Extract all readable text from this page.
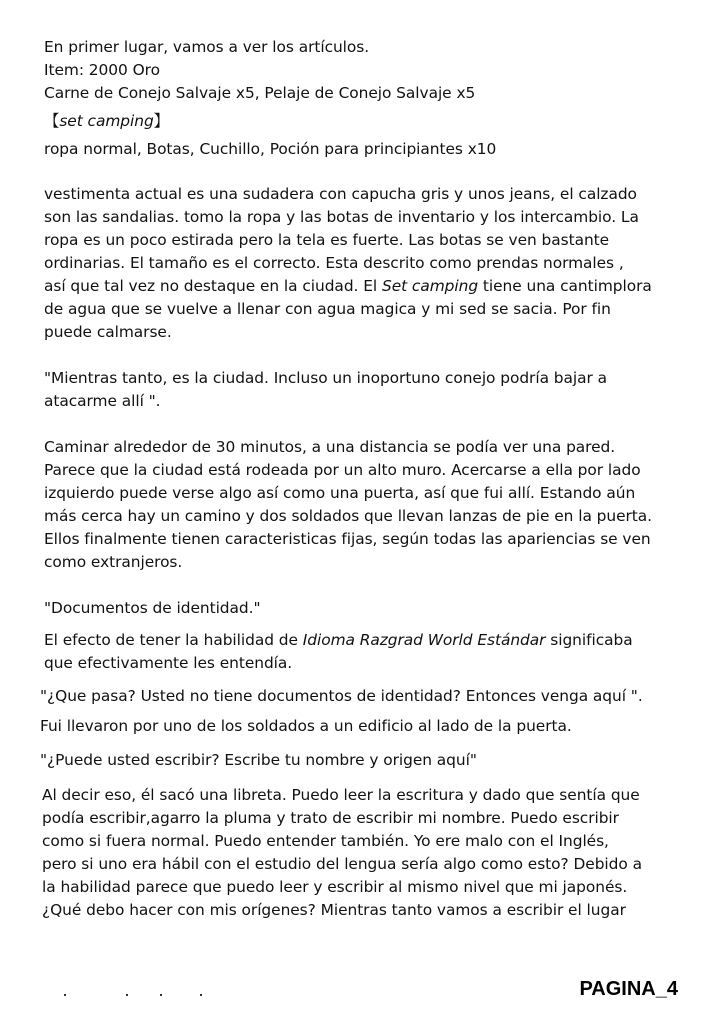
En primer lugar, vamos a ver los artículos.
Item: 2000 Oro
Carne de Conejo Salvaje x5, Pelaje de Conejo Salvaje x5
【set camping】
ropa normal, Botas, Cuchillo, Poción para principiantes x10
vestimenta actual es una sudadera con capucha gris y unos jeans, el calzado
son las sandalias. tomo la ropa y las botas de inventario y los intercambio. La
ropa es un poco estirada pero la tela es fuerte. Las botas se ven bastante
ordinarias. El tamaño es el correcto. Esta descrito como prendas normales ,
así que tal vez no destaque en la ciudad. El Set camping tiene una cantimplora
de agua que se vuelve a llenar con agua magica y mi sed se sacia. Por fin
puede calmarse.
"Mientras tanto, es la ciudad. Incluso un inoportuno conejo podría bajar a
atacarme allí ".
Caminar alrededor de 30 minutos, a una distancia se podía ver una pared.
Parece que la ciudad está rodeada por un alto muro. Acercarse a ella por lado
izquierdo puede verse algo así como una puerta, así que fui allí. Estando aún
más cerca hay un camino y dos soldados que llevan lanzas de pie en la puerta.
Ellos finalmente tienen caracteristicas fijas, según todas las apariencias se ven
como extranjeros.
"Documentos de identidad."
El efecto de tener la habilidad de Idioma Razgrad World Estándar significaba
que efectivamente les entendía.
"¿Que pasa? Usted no tiene documentos de identidad? Entonces venga aquí ".
Fui llevaron por uno de los soldados a un edificio al lado de la puerta.
"¿Puede usted escribir? Escribe tu nombre y origen aquí"
Al decir eso, él sacó una libreta. Puedo leer la escritura y dado que sentía que
podía escribir,agarro la pluma y trato de escribir mi nombre. Puedo escribir
como si fuera normal. Puedo entender también. Yo ere malo con el Inglés,
pero si uno era hábil con el estudio del lengua sería algo como esto? Debido a
la habilidad parece que puedo leer y escribir al mismo nivel que mi japonés.
¿Qué debo hacer con mis orígenes? Mientras tanto vamos a escribir el lugar
PAGINA_4
